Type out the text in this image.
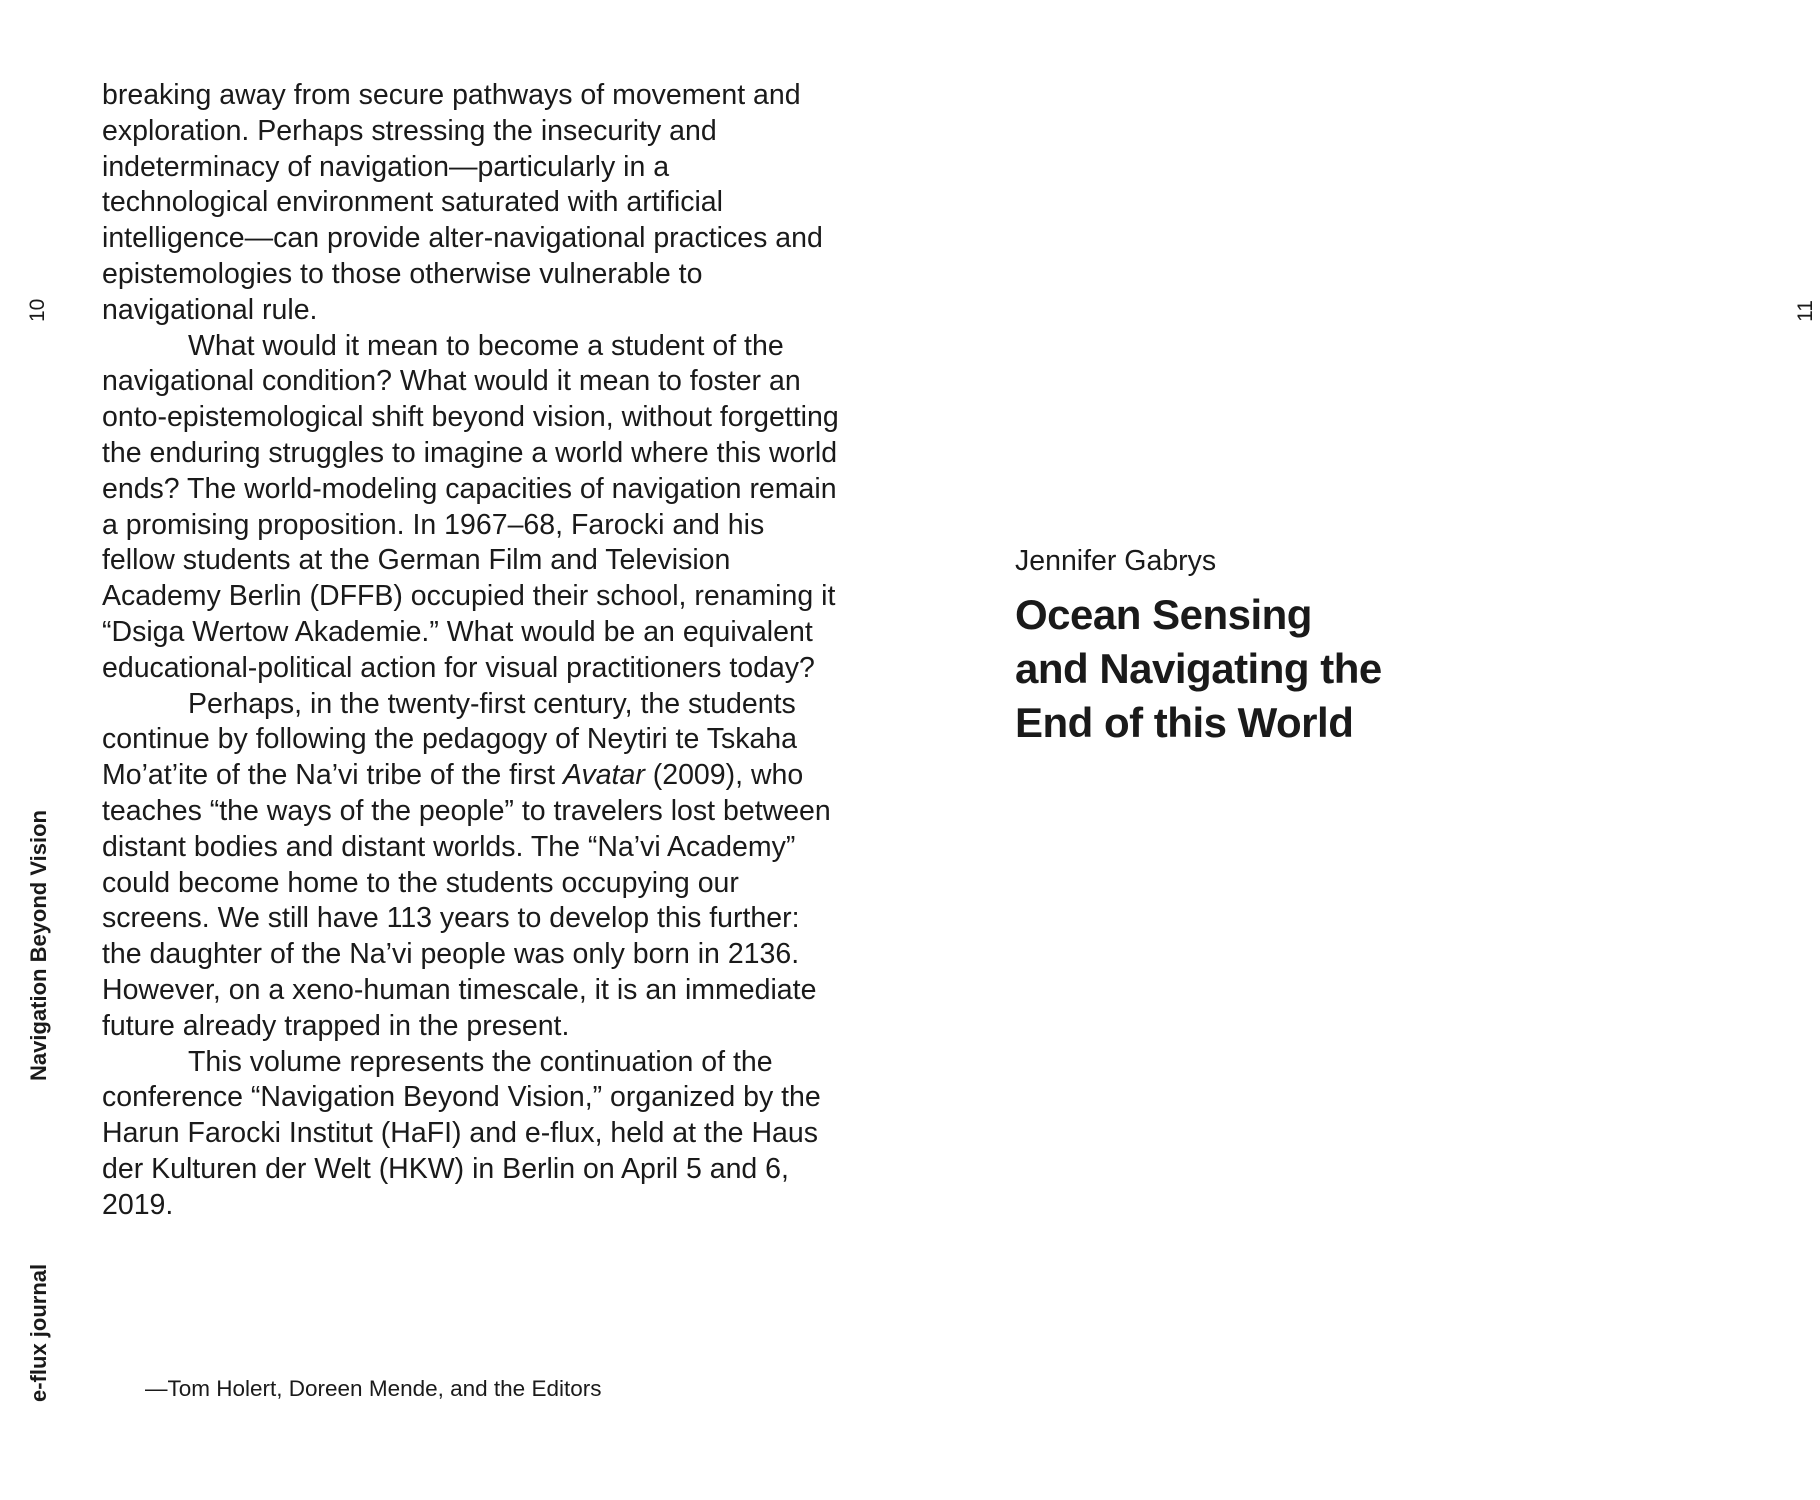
10
Navigation Beyond Vision
e-flux journal

breaking away from secure pathways of movement and exploration. Perhaps stressing the insecurity and indeterminacy of navigation—particularly in a technological environment saturated with artificial intelligence—can provide alter-navigational practices and epistemologies to those otherwise vulnerable to navigational rule.

What would it mean to become a student of the navigational condition? What would it mean to foster an onto-epistemological shift beyond vision, without forgetting the enduring struggles to imagine a world where this world ends? The world-modeling capacities of navigation remain a promising proposition. In 1967–68, Farocki and his fellow students at the German Film and Television Academy Berlin (DFFB) occupied their school, renaming it “Dsiga Wertow Akademie.” What would be an equivalent educational-political action for visual practitioners today?

Perhaps, in the twenty-first century, the students continue by following the pedagogy of Neytiri te Tskaha Mo’at’ite of the Na’vi tribe of the first Avatar (2009), who teaches “the ways of the people” to travelers lost between distant bodies and distant worlds. The “Na’vi Academy” could become home to the students occupying our screens. We still have 113 years to develop this further: the daughter of the Na’vi people was only born in 2136. However, on a xeno-human timescale, it is an immediate future already trapped in the present.

This volume represents the continuation of the conference “Navigation Beyond Vision,” organized by the Harun Farocki Institut (HaFI) and e-flux, held at the Haus der Kulturen der Welt (HKW) in Berlin on April 5 and 6, 2019.

—Tom Holert, Doreen Mende, and the Editors
11
Jennifer Gabrys
Ocean Sensing
and Navigating the
End of this World
